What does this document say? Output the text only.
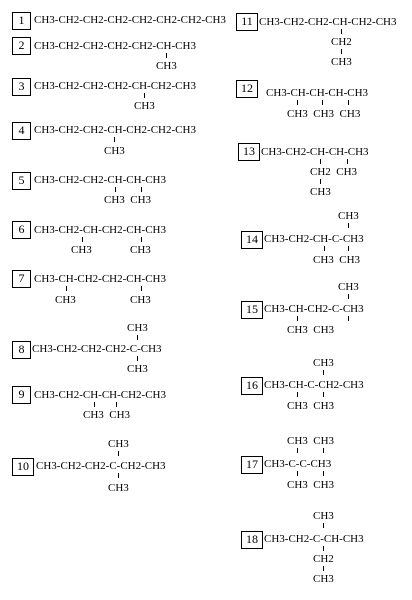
1
2
3
4
5
6
7
8
9
10
11
12
13
14
15
16
17
18
CH3-CH2-CH2-CH2-CH2-CH2-CH2-CH3
CH3-CH2-CH2-CH2-CH2-CH-CH3
CH3
CH3-CH2-CH2-CH2-CH-CH2-CH3
CH3
CH3-CH2-CH2-CH-CH2-CH2-CH3
CH3
CH3-CH2-CH2-CH-CH-CH3
CH3  CH3
CH3-CH2-CH-CH2-CH-CH3
CH3	CH3
CH3-CH-CH2-CH2-CH-CH3
CH3	CH3
CH3
CH3-CH2-CH2-CH2-C-CH3
CH3
CH3-CH2-CH-CH-CH2-CH3
CH3  CH3
CH3
CH3-CH2-CH2-C-CH2-CH3
CH3
CH3-CH2-CH2-CH-CH2-CH3
CH2
CH3
CH3-CH-CH-CH-CH3
CH3  CH3  CH3
CH3-CH2-CH-CH-CH3
CH2  CH3
CH3
CH3
CH3-CH2-CH-C-CH3
CH3  CH3
CH3
CH3-CH-CH2-C-CH3
CH3  CH3
CH3
CH3-CH-C-CH2-CH3
CH3  CH3
CH3  CH3
CH3-C-C-CH3
CH3  CH3
CH3
CH3-CH2-C-CH-CH3
CH2
CH3
